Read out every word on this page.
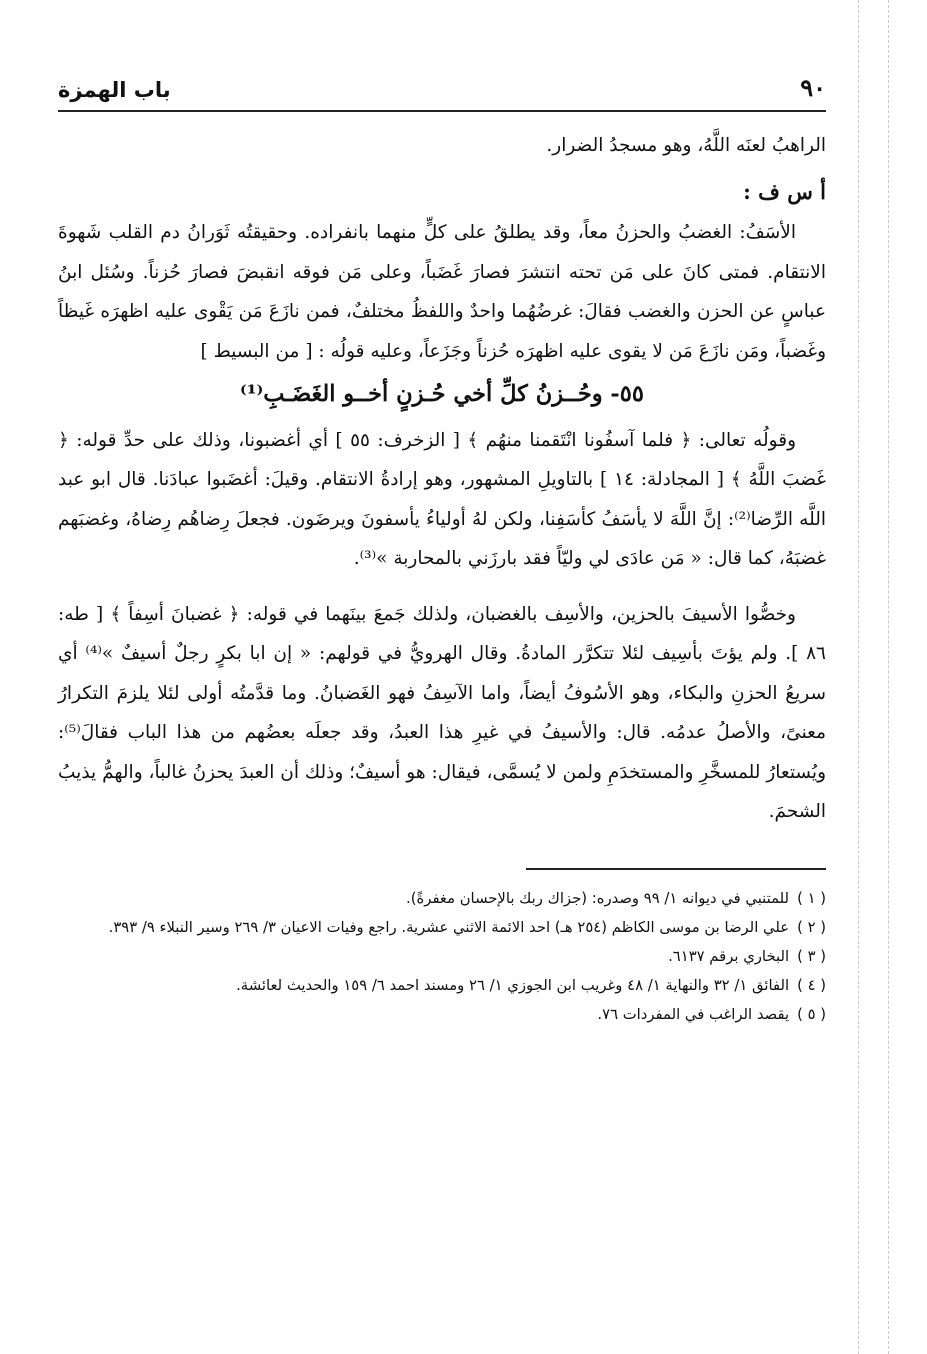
٩٠
باب الهمزة

الراهبُ لعنَه اللَّهُ، وهو مسجدُ الضرار.

أ س ف :

الأسَفُ: الغضبُ والحزنُ معاً، وقد يطلقُ على كلٍّ منهما بانفراده. وحقيقتُه ثَوَرانُ دم القلب شَهوةَ الانتقام. فمتى كانَ على مَن تحته انتشرَ فصارَ غَضَباً، وعلى مَن فوقه انقبضَ فصارَ حُزناً. وسُئل ابنُ عباسٍ عن الحزن والغضب فقالَ: غرضُهُما واحدٌ واللفظُ مختلفٌ، فمن نازَعَ مَن يَقْوى عليه اظهرَه غَيظاً وغَضباً، ومَن نازَعَ مَن لا يقوى عليه اظهرَه حُزناً وجَزَعاً، وعليه قولُه : [ من البسيط ]

٥٥- وحُــزنُ كلِّ أخي حُـزنٍ أخــو الغَضَـبِ⁽¹⁾

وقولُه تعالى: ﴿ فلما آسفُونا انْتَقمنا منهُم ﴾ [ الزخرف: ٥٥ ] أي أغضبونا، وذلك على حدِّ قوله: ﴿ غَضبَ اللَّهُ ﴾ [ المجادلة: ١٤ ] بالتاويلِ المشهور، وهو إرادةُ الانتقام. وقيلَ: أغضَبوا عبادَنا. قال ابو عبد اللَّه الرِّضا⁽²⁾: إنَّ اللَّهَ لا يأسَفُ كأسَفِنا، ولكن لهُ أولياءُ يأسفونَ ويرضَون. فجعلَ رِضاهُم رِضاهُ، وغضبَهم غضبَهُ، كما قال: « مَن عادَى لي وليّاً فقد بارزَني بالمحاربة »⁽³⁾.

وخصُّوا الأسيفَ بالحزين، والأسِف بالغضبان، ولذلك جَمعَ بينَهما في قوله: ﴿ غضبانَ أسِفاً ﴾ [ طه: ٨٦ ]. ولم يؤتَ بأسِيف لئلا تتكرَّر المادةُ. وقال الهرويُّ في قولهم: « إن ابا بكرٍ رجلٌ أسيفٌ »⁽⁴⁾ أي سريعُ الحزنِ والبكاء، وهو الأسُوفُ أيضاً، واما الآسِفُ فهو الغَضبانُ. وما قدَّمتُه أولى لئلا يلزمَ التكرارُ معنىً، والأصلُ عدمُه. قال: والأسيفُ في غيرِ هذا العبدُ، وقد جعلَه بعضُهم من هذا الباب فقالَ⁽⁵⁾: ويُستعارُ للمسخَّرِ والمستخدَمِ ولمن لا يُسمَّى، فيقال: هو أسيفٌ؛ وذلك أن العبدَ يحزنُ غالباً، والهمُّ يذيبُ الشحمَ.

( ١ )
للمتنبي في ديوانه ١/ ٩٩ وصدره: (جزاك ربك بالإحسان مغفرةً).
( ٢ )
علي الرضا بن موسى الكاظم (٢٥٤ هـ) احد الائمة الاثني عشرية. راجع وفيات الاعيان ٣/ ٢٦٩ وسير النبلاء ٩/ ٣٩٣.
( ٣ )
البخاري برقم ٦١٣٧.
( ٤ )
الفائق ١/ ٣٢ والنهاية ١/ ٤٨ وغريب ابن الجوزي ١/ ٢٦ ومسند احمد ٦/ ١٥٩ والحديث لعائشة.
( ٥ )
يقصد الراغب في المفردات ٧٦.
